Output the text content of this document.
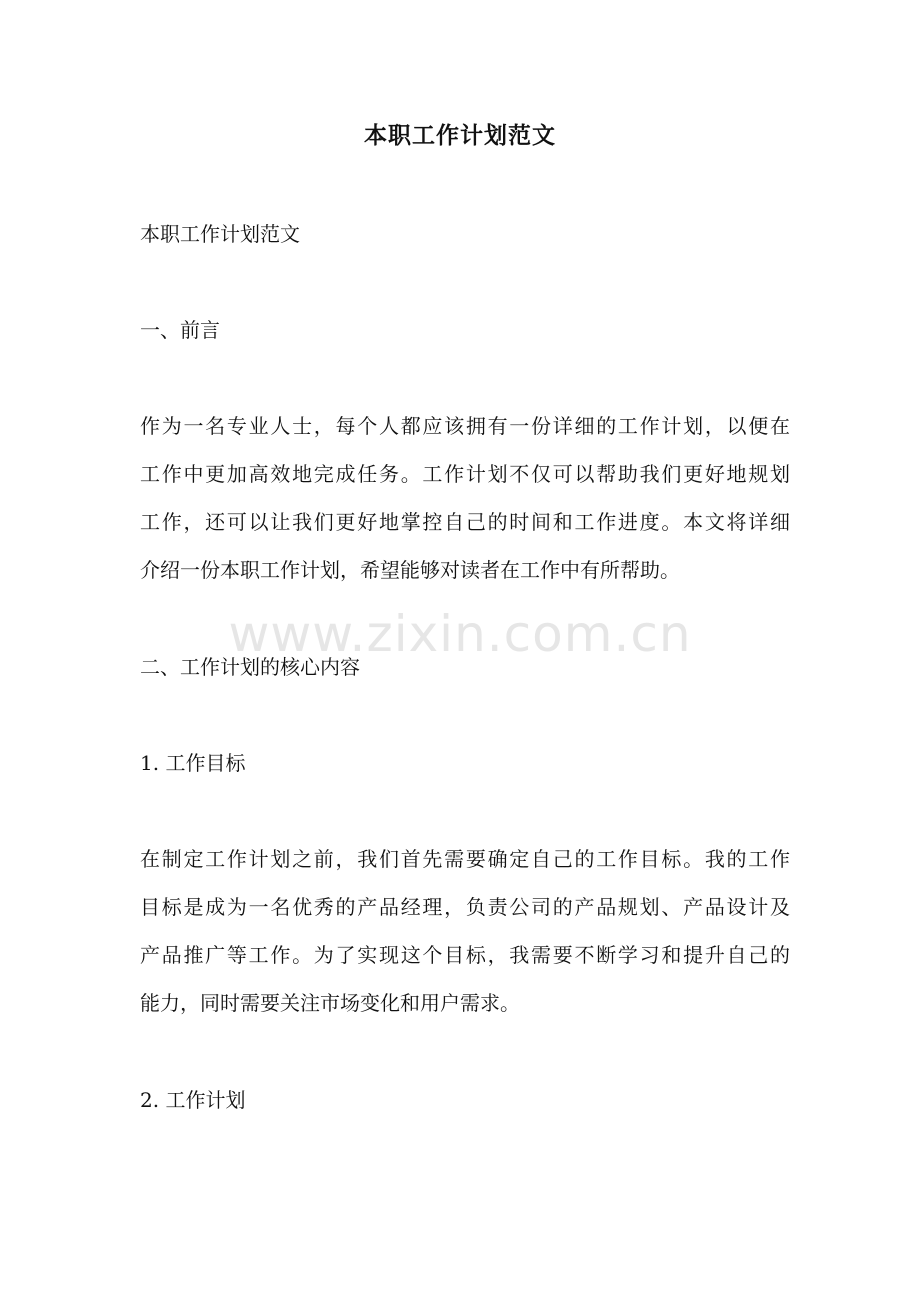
本职工作计划范文
本职工作计划范文
一、前言
作为一名专业人士，每个人都应该拥有一份详细的工作计划，以便在
工作中更加高效地完成任务。工作计划不仅可以帮助我们更好地规划
工作，还可以让我们更好地掌控自己的时间和工作进度。本文将详细
介绍一份本职工作计划，希望能够对读者在工作中有所帮助。
www.zixin.com.cn
二、工作计划的核心内容
1. 工作目标
在制定工作计划之前，我们首先需要确定自己的工作目标。我的工作
目标是成为一名优秀的产品经理，负责公司的产品规划、产品设计及
产品推广等工作。为了实现这个目标，我需要不断学习和提升自己的
能力，同时需要关注市场变化和用户需求。
2. 工作计划
